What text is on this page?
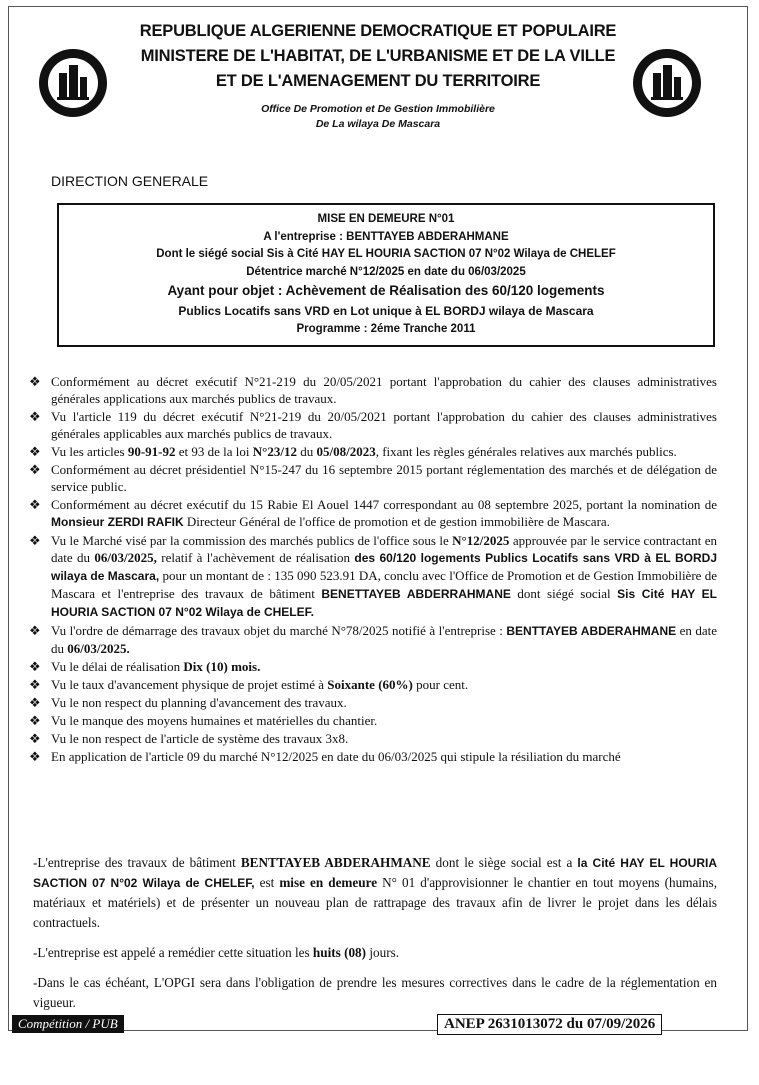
REPUBLIQUE ALGERIENNE DEMOCRATIQUE ET POPULAIRE
MINISTERE DE L'HABITAT, DE L'URBANISME ET DE LA VILLE
ET DE L'AMENAGEMENT DU TERRITOIRE
Office De Promotion et De Gestion Immobilière
De La wilaya De Mascara
DIRECTION GENERALE
MISE EN DEMEURE N°01
A l'entreprise : BENTTAYEB ABDERAHMANE
Dont le siégé social Sis à Cité HAY EL HOURIA SACTION 07 N°02 Wilaya de CHELEF
Détentrice marché N°12/2025 en date du 06/03/2025
Ayant pour objet : Achèvement de Réalisation des 60/120 logements
Publics Locatifs sans VRD en Lot unique à EL BORDJ wilaya de Mascara
Programme : 2éme Tranche 2011
❖ Conformément au décret exécutif N°21-219 du 20/05/2021 portant l'approbation du cahier des clauses administratives générales applications aux marchés publics de travaux.
❖ Vu l'article 119 du décret exécutif N°21-219 du 20/05/2021 portant l'approbation du cahier des clauses administratives générales applicables aux marchés publics de travaux.
❖ Vu les articles 90-91-92 et 93 de la loi N°23/12 du 05/08/2023, fixant les règles générales relatives aux marchés publics.
❖ Conformément au décret présidentiel N°15-247 du 16 septembre 2015 portant réglementation des marchés et de délégation de service public.
❖ Conformément au décret exécutif du 15 Rabie El Aouel 1447 correspondant au 08 septembre 2025, portant la nomination de Monsieur ZERDI RAFIK Directeur Général de l'office de promotion et de gestion immobilière de Mascara.
❖ Vu le Marché visé par la commission des marchés publics de l'office sous le N°12/2025 approuvée par le service contractant en date du 06/03/2025, relatif à l'achèvement de réalisation des 60/120 logements Publics Locatifs sans VRD à EL BORDJ wilaya de Mascara, pour un montant de : 135 090 523.91 DA, conclu avec l'Office de Promotion et de Gestion Immobilière de Mascara et l'entreprise des travaux de bâtiment BENETTAYEB ABDERRAHMANE dont siégé social Sis Cité HAY EL HOURIA SACTION 07 N°02 Wilaya de CHELEF.
❖ Vu l'ordre de démarrage des travaux objet du marché N°78/2025 notifié à l'entreprise : BENTTAYEB ABDERAHMANE en date du 06/03/2025.
❖ Vu le délai de réalisation Dix (10) mois.
❖ Vu le taux d'avancement physique de projet estimé à Soixante (60%) pour cent.
❖ Vu le non respect du planning d'avancement des travaux.
❖ Vu le manque des moyens humaines et matérielles du chantier.
❖ Vu le non respect de l'article de système des travaux 3x8.
❖ En application de l'article 09 du marché N°12/2025 en date du 06/03/2025 qui stipule la résiliation du marché
-L'entreprise des travaux de bâtiment BENTTAYEB ABDERAHMANE dont le siège social est a la Cité HAY EL HOURIA SACTION 07 N°02 Wilaya de CHELEF, est mise en demeure N° 01 d'approvisionner le chantier en tout moyens (humains, matériaux et matériels) et de présenter un nouveau plan de rattrapage des travaux afin de livrer le projet dans les délais contractuels.
-L'entreprise est appelé a remédier cette situation les huits (08) jours.
-Dans le cas échéant, L'OPGI sera dans l'obligation de prendre les mesures correctives dans le cadre de la réglementation en vigueur.
Compétition / PUB	ANEP 2631013072 du 07/09/2026
